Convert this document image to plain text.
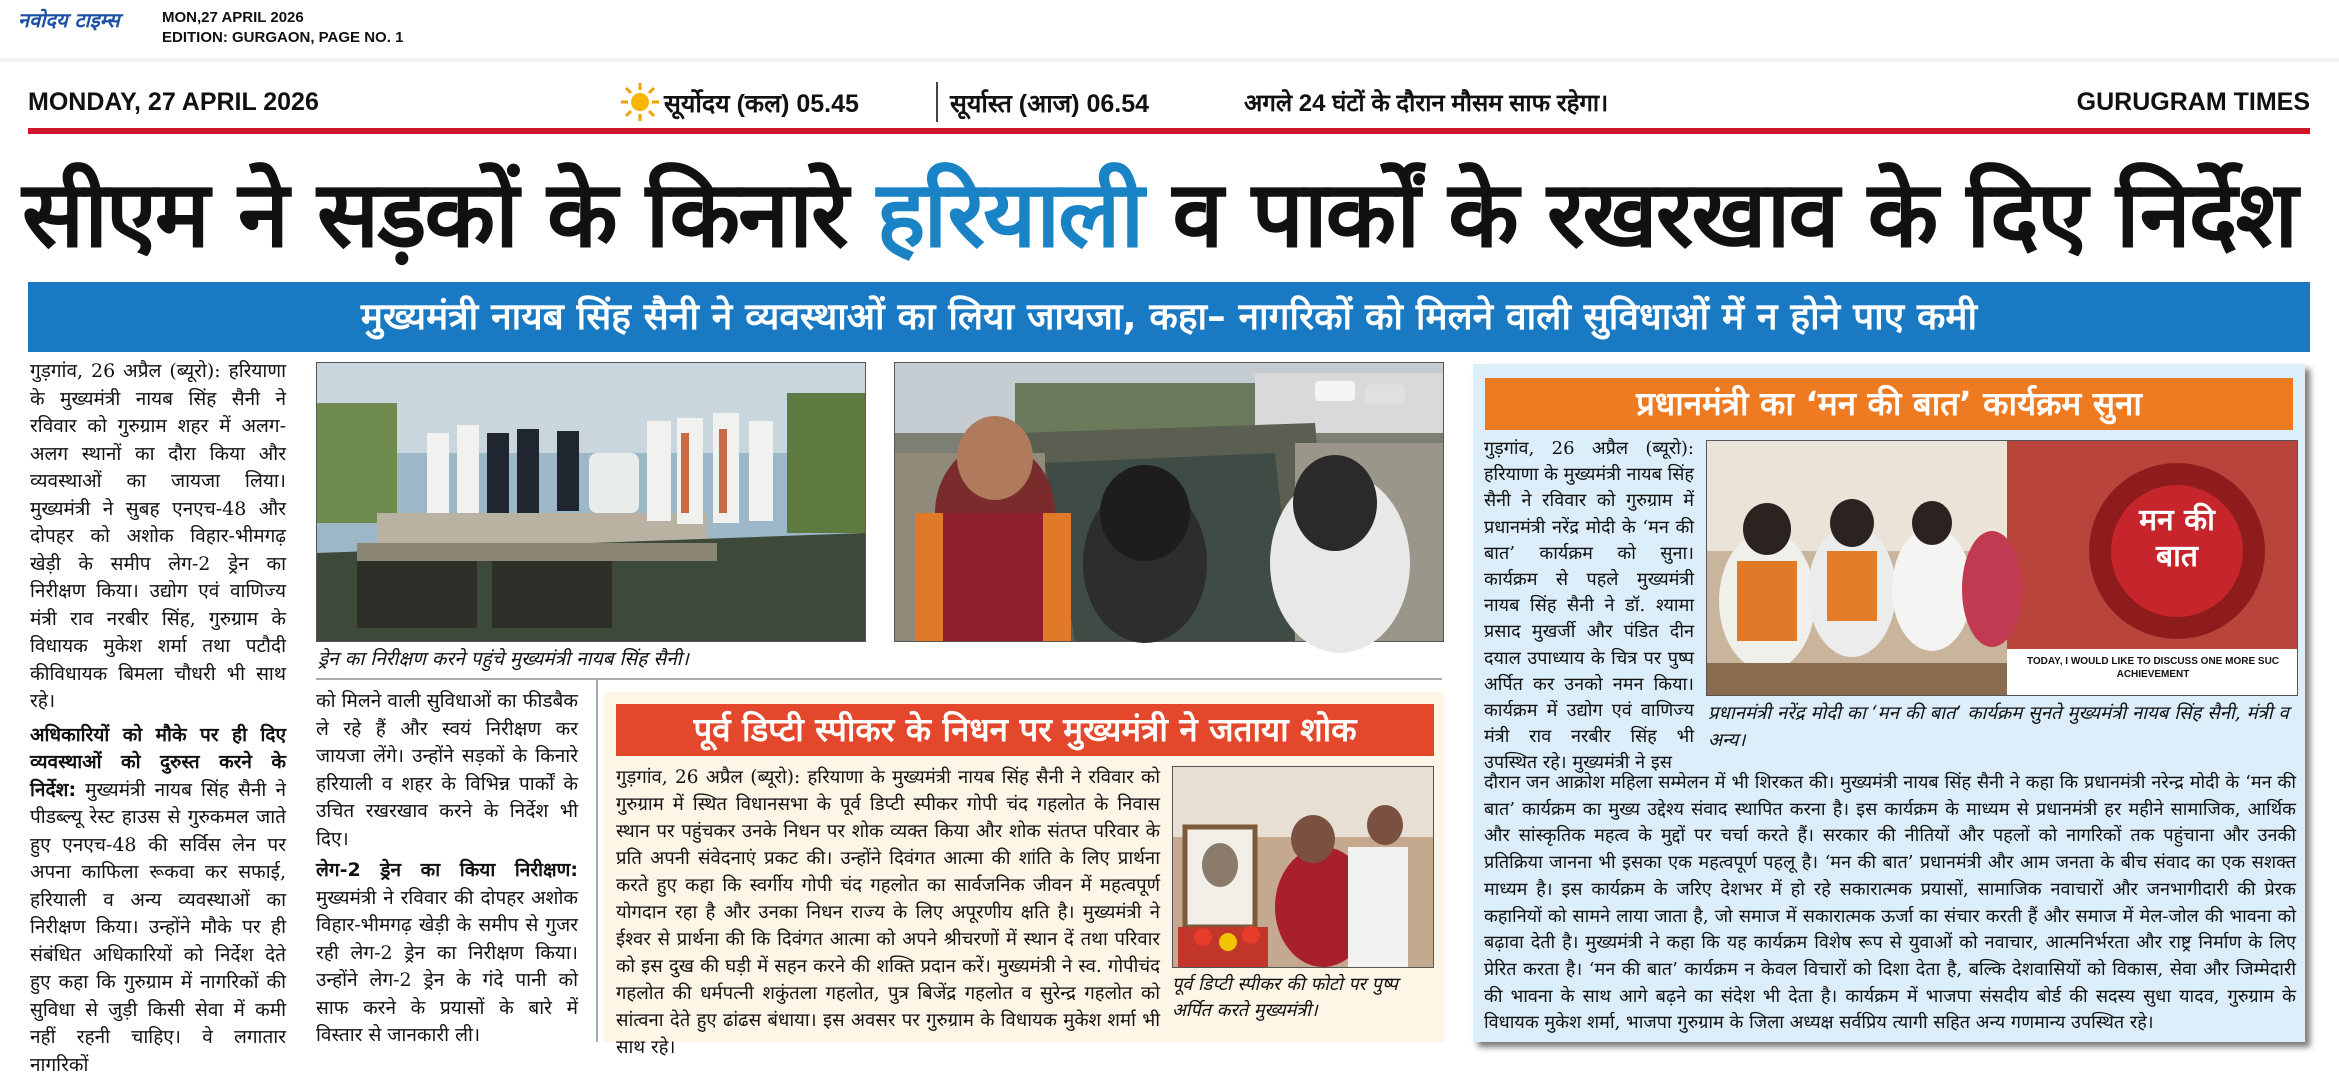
नवोदय टाइम्स	MON,27 APRIL 2026
EDITION: GURGAON, PAGE NO. 1
MONDAY, 27 APRIL 2026	सूर्योदय (कल) 05.45	सूर्यास्त (आज) 06.54	अगले 24 घंटों के दौरान मौसम साफ रहेगा।	GURUGRAM TIMES
सीएम ने सड़कों के किनारे हरियाली व पार्कों के रखरखाव के दिए निर्देश
मुख्यमंत्री नायब सिंह सैनी ने व्यवस्थाओं का लिया जायजा, कहा– नागरिकों को मिलने वाली सुविधाओं में न होने पाए कमी
गुड़गांव, 26 अप्रैल (ब्यूरो): हरियाणा के मुख्यमंत्री नायब सिंह सैनी ने रविवार को गुरुग्राम शहर में अलग-अलग स्थानों का दौरा किया और व्यवस्थाओं का जायजा लिया। मुख्यमंत्री ने सुबह एनएच-48 और दोपहर को अशोक विहार-भीमगढ़ खेड़ी के समीप लेग-2 ड्रेन का निरीक्षण किया। उद्योग एवं वाणिज्य मंत्री राव नरबीर सिंह, गुरुग्राम के विधायक मुकेश शर्मा तथा पटौदी कीविधायक बिमला चौधरी भी साथ रहे।
अधिकारियों को मौके पर ही दिए व्यवस्थाओं को दुरुस्त करने के निर्देश: मुख्यमंत्री नायब सिंह सैनी ने पीडब्ल्यू रेस्ट हाउस से गुरुकमल जाते हुए एनएच-48 की सर्विस लेन पर अपना काफिला रूकवा कर सफाई, हरियाली व अन्य व्यवस्थाओं का निरीक्षण किया। उन्होंने मौके पर ही संबंधित अधिकारियों को निर्देश देते हुए कहा कि गुरुग्राम में नागरिकों की सुविधा से जुड़ी किसी सेवा में कमी नहीं रहनी चाहिए। वे लगातार नागरिकों
ड्रेन का निरीक्षण करने पहुंचे मुख्यमंत्री नायब सिंह सैनी।
को मिलने वाली सुविधाओं का फीडबैक ले रहे हैं और स्वयं निरीक्षण कर जायजा लेंगे। उन्होंने सड़कों के किनारे हरियाली व शहर के विभिन्न पार्कों के उचित रखरखाव करने के निर्देश भी दिए।
लेग-2 ड्रेन का किया निरीक्षण: मुख्यमंत्री ने रविवार की दोपहर अशोक विहार-भीमगढ़ खेड़ी के समीप से गुजर रही लेग-2 ड्रेन का निरीक्षण किया। उन्होंने लेग-2 ड्रेन के गंदे पानी को साफ करने के प्रयासों के बारे में विस्तार से जानकारी ली।
पूर्व डिप्टी स्पीकर के निधन पर मुख्यमंत्री ने जताया शोक
गुड़गांव, 26 अप्रैल (ब्यूरो): हरियाणा के मुख्यमंत्री नायब सिंह सैनी ने रविवार को गुरुग्राम में स्थित विधानसभा के पूर्व डिप्टी स्पीकर गोपी चंद गहलोत के निवास स्थान पर पहुंचकर उनके निधन पर शोक व्यक्त किया और शोक संतप्त परिवार के प्रति अपनी संवेदनाएं प्रकट की। उन्होंने दिवंगत आत्मा की शांति के लिए प्रार्थना करते हुए कहा कि स्वर्गीय गोपी चंद गहलोत का सार्वजनिक जीवन में महत्वपूर्ण योगदान रहा है और उनका निधन राज्य के लिए अपूरणीय क्षति है। मुख्यमंत्री ने ईश्वर से प्रार्थना की कि दिवंगत आत्मा को अपने श्रीचरणों में स्थान दें तथा परिवार को इस दुख की घड़ी में सहन करने की शक्ति प्रदान करें। मुख्यमंत्री ने स्व. गोपीचंद गहलोत की धर्मपत्नी शकुंतला गहलोत, पुत्र बिजेंद्र गहलोत व सुरेन्द्र गहलोत को सांत्वना देते हुए ढांढस बंधाया। इस अवसर पर गुरुग्राम के विधायक मुकेश शर्मा भी साथ रहे।
पूर्व डिप्टी स्पीकर की फोटो पर पुष्प अर्पित करते मुख्यमंत्री।
प्रधानमंत्री का ‘मन की बात’ कार्यक्रम सुना
गुड़गांव, 26 अप्रैल (ब्यूरो): हरियाणा के मुख्यमंत्री नायब सिंह सैनी ने रविवार को गुरुग्राम में प्रधानमंत्री नरेंद्र मोदी के ‘मन की बात’ कार्यक्रम को सुना। कार्यक्रम से पहले मुख्यमंत्री नायब सिंह सैनी ने डॉ. श्यामा प्रसाद मुखर्जी और पंडित दीन दयाल उपाध्याय के चित्र पर पुष्प अर्पित कर उनको नमन किया। कार्यक्रम में उद्योग एवं वाणिज्य मंत्री राव नरबीर सिंह भी उपस्थित रहे। मुख्यमंत्री ने इस
मन की बात
TODAY, I WOULD LIKE TO DISCUSS ONE MORE SUC ACHIEVEMENT
प्रधानमंत्री नरेंद्र मोदी का ‘मन की बात’ कार्यक्रम सुनते मुख्यमंत्री नायब सिंह सैनी, मंत्री व अन्य।
दौरान जन आक्रोश महिला सम्मेलन में भी शिरकत की। मुख्यमंत्री नायब सिंह सैनी ने कहा कि प्रधानमंत्री नरेन्द्र मोदी के ‘मन की बात’ कार्यक्रम का मुख्य उद्देश्य संवाद स्थापित करना है। इस कार्यक्रम के माध्यम से प्रधानमंत्री हर महीने सामाजिक, आर्थिक और सांस्कृतिक महत्व के मुद्दों पर चर्चा करते हैं। सरकार की नीतियों और पहलों को नागरिकों तक पहुंचाना और उनकी प्रतिक्रिया जानना भी इसका एक महत्वपूर्ण पहलू है। ‘मन की बात’ प्रधानमंत्री और आम जनता के बीच संवाद का एक सशक्त माध्यम है। इस कार्यक्रम के जरिए देशभर में हो रहे सकारात्मक प्रयासों, सामाजिक नवाचारों और जनभागीदारी की प्रेरक कहानियों को सामने लाया जाता है, जो समाज में सकारात्मक ऊर्जा का संचार करती हैं और समाज में मेल-जोल की भावना को बढ़ावा देती है। मुख्यमंत्री ने कहा कि यह कार्यक्रम विशेष रूप से युवाओं को नवाचार, आत्मनिर्भरता और राष्ट्र निर्माण के लिए प्रेरित करता है। ‘मन की बात’ कार्यक्रम न केवल विचारों को दिशा देता है, बल्कि देशवासियों को विकास, सेवा और जिम्मेदारी की भावना के साथ आगे बढ़ने का संदेश भी देता है। कार्यक्रम में भाजपा संसदीय बोर्ड की सदस्य सुधा यादव, गुरुग्राम के विधायक मुकेश शर्मा, भाजपा गुरुग्राम के जिला अध्यक्ष सर्वप्रिय त्यागी सहित अन्य गणमान्य उपस्थित रहे।
